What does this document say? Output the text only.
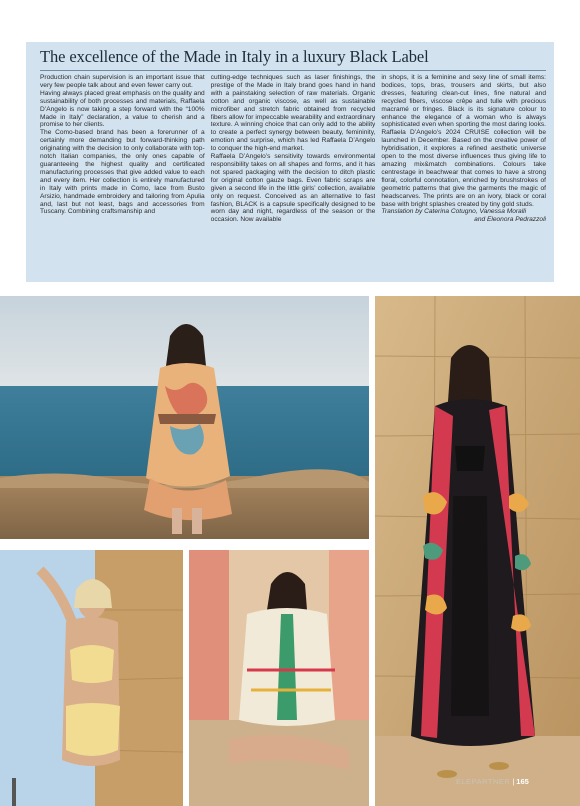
The excellence of the Made in Italy in a luxury Black Label

Production chain supervision is an important issue that very few people talk about and even fewer carry out.

Having always placed great emphasis on the quality and sustainability of both processes and materials, Raffaela D’Angelo is now taking a step forward with the “100% Made in Italy” declaration, a value to cherish and a promise to her clients.

The Como-based brand has been a forerunner of a certainly more demanding but forward-thinking path originating with the decision to only collaborate with top-notch Italian companies, the only ones capable of guaranteeing the highest quality and certificated manufacturing processes that give added value to each and every item. Her collection is entirely manufactured in Italy with prints made in Como, lace from Busto Arsizio, handmade embroidery and tailoring from Apulia and, last but not least, bags and accessories from Tuscany. Combining craftsmanship and

cutting-edge techniques such as laser finishings, the prestige of the Made in Italy brand goes hand in hand with a painstaking selection of raw materials. Organic cotton and organic viscose, as well as sustainable microfiber and stretch fabric obtained from recycled fibers allow for impeccable wearability and extraordinary texture. A winning choice that can only add to the ability to create a perfect synergy between beauty, femininity, emotion and surprise, which has led Raffaela D’Angelo to conquer the high-end market.

Raffaela D’Angelo’s sensitivity towards environmental responsibility takes on all shapes and forms, and it has not spared packaging with the decision to ditch plastic for original cotton gauze bags. Even fabric scraps are given a second life in the little girls’ collection, available only on request. Conceived as an alternative to fast fashion, BLACK is a capsule specifically designed to be worn day and night, regardless of the season or the occasion. Now available

in shops, it is a feminine and sexy line of small items: bodices, tops, bras, trousers and skirts, but also dresses, featuring clean-cut lines, fine natural and recycled fibers, viscose crêpe and tulle with precious macramé or fringes. Black is its signature colour to enhance the elegance of a woman who is always sophisticated even when sporting the most daring looks. Raffaela D’Angelo’s 2024 CRUISE collection will be launched in December. Based on the creative power of hybridisation, it explores a refined aesthetic universe open to the most diverse influences thus giving life to amazing mix&match combinations. Colours take centrestage in beachwear that comes to have a strong floral, colorful connotation, enriched by brushstrokes of geometric patterns that give the garments the magic of headscarves. The prints are on an ivory, black or coral base with bright splashes created by tiny gold studs.

Translation by Caterina Cotugno, Vanessa Moralli

and Eleonora Pedrazzoli

ELEPARTNER | 165
